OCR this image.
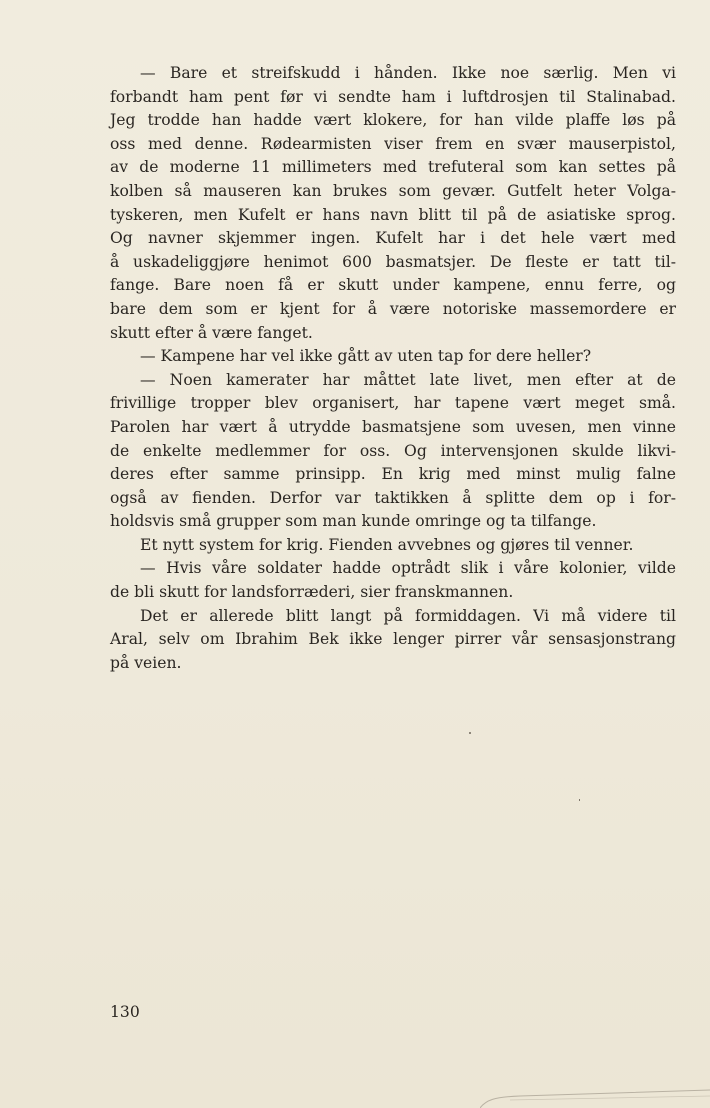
— Bare et streifskudd i hånden. Ikke noe særlig. Men vi
forbandt ham pent før vi sendte ham i luftdrosjen til Stalinabad.
Jeg trodde han hadde vært klokere, for han vilde plaffe løs på
oss med denne. Rødearmisten viser frem en svær mauserpistol,
av de moderne 11 millimeters med trefuteral som kan settes på
kolben så mauseren kan brukes som gevær. Gutfelt heter Volga-
tyskeren, men Kufelt er hans navn blitt til på de asiatiske sprog.
Og navner skjemmer ingen. Kufelt har i det hele vært med
å uskadeliggjøre henimot 600 basmatsjer. De fleste er tatt til-
fange. Bare noen få er skutt under kampene, ennu ferre, og
bare dem som er kjent for å være notoriske massemordere er
skutt efter å være fanget.
— Kampene har vel ikke gått av uten tap for dere heller?
— Noen kamerater har måttet late livet, men efter at de
frivillige tropper blev organisert, har tapene vært meget små.
Parolen har vært å utrydde basmatsjene som uvesen, men vinne
de enkelte medlemmer for oss. Og intervensjonen skulde likvi-
deres efter samme prinsipp. En krig med minst mulig falne
også av fienden. Derfor var taktikken å splitte dem op i for-
holdsvis små grupper som man kunde omringe og ta tilfange.
Et nytt system for krig. Fienden avvebnes og gjøres til venner.
— Hvis våre soldater hadde optrådt slik i våre kolonier, vilde
de bli skutt for landsforræderi, sier franskmannen.
Det er allerede blitt langt på formiddagen. Vi må videre til
Aral, selv om Ibrahim Bek ikke lenger pirrer vår sensasjonstrang
på veien.
130
